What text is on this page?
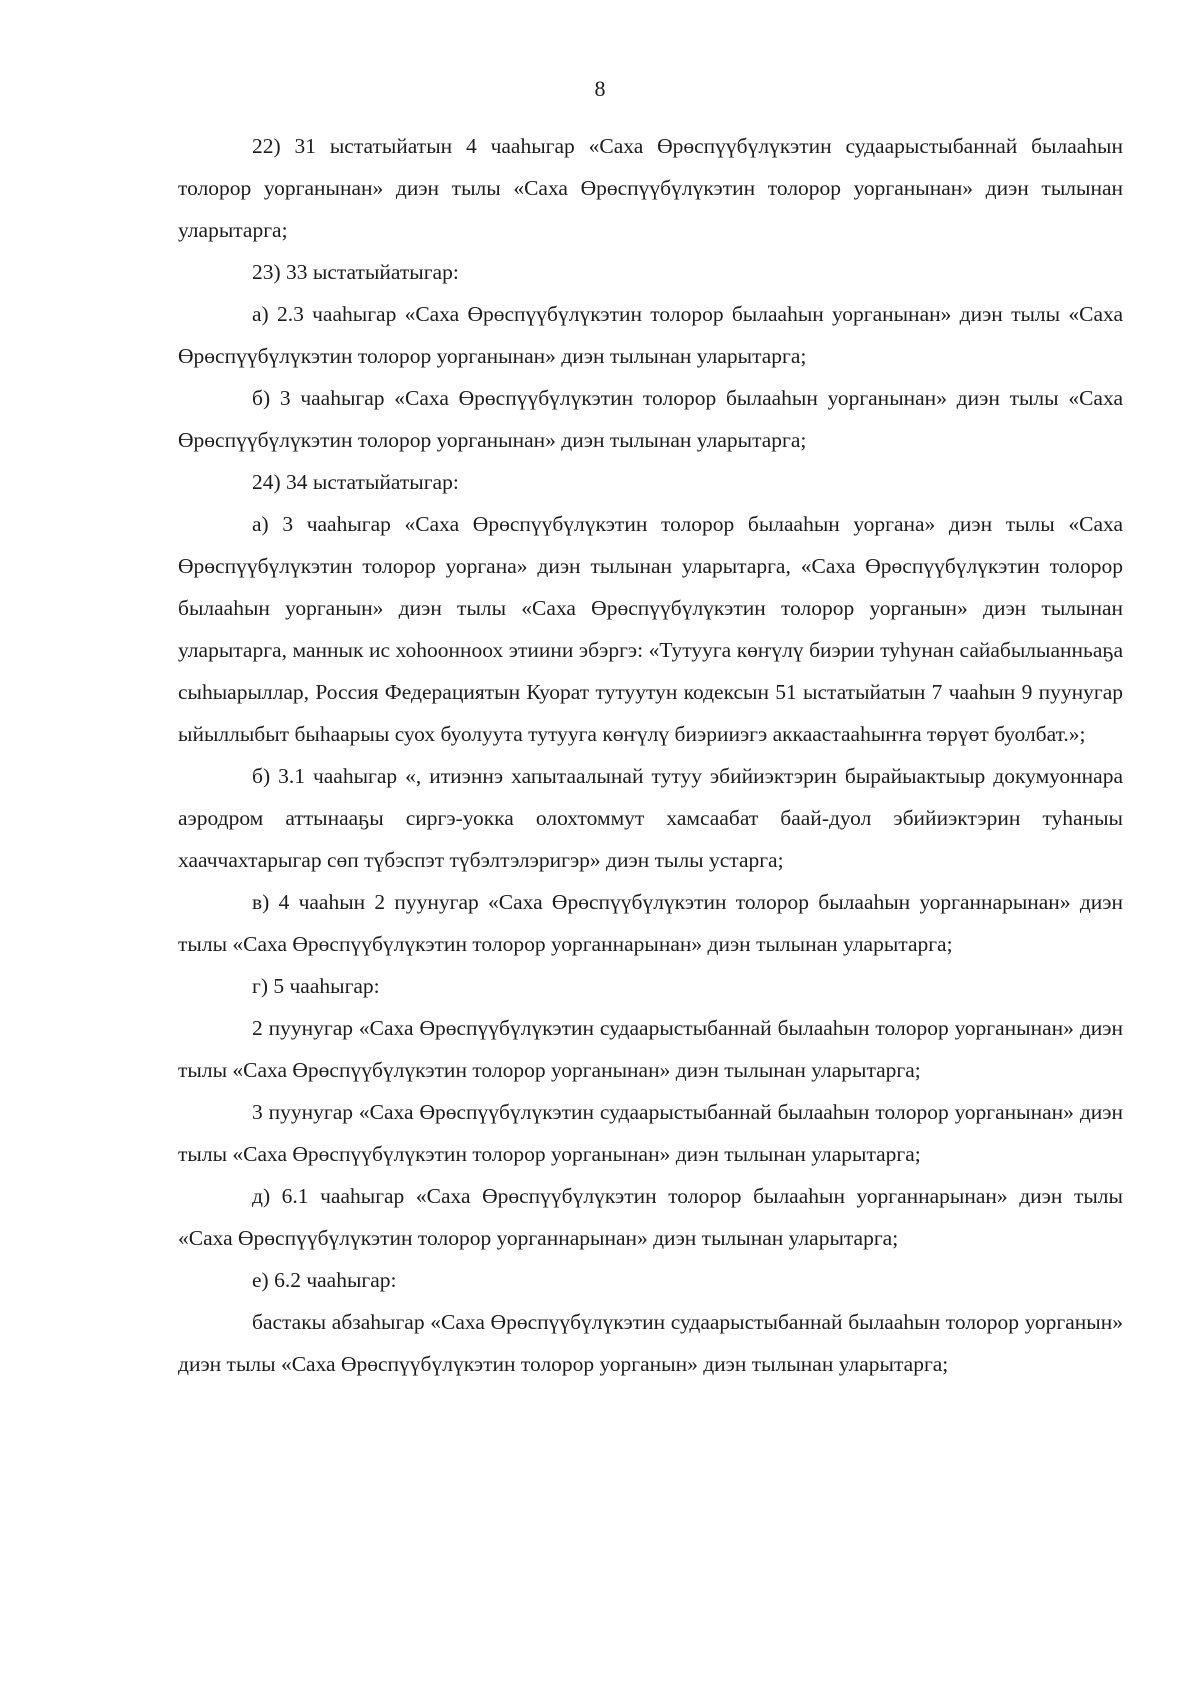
8

22) 31 ыстатыйатын 4 чааһыгар «Саха Өрөспүүбүлүкэтин судаарыстыбаннай былааһын толорор уорганынан» диэн тылы «Саха Өрөспүүбүлүкэтин толорор уорганынан» диэн тылынан уларытарга;

23) 33 ыстатыйатыгар:

а) 2.3 чааһыгар «Саха Өрөспүүбүлүкэтин толорор былааһын уорганынан» диэн тылы «Саха Өрөспүүбүлүкэтин толорор уорганынан» диэн тылынан уларытарга;

б) 3 чааһыгар «Саха Өрөспүүбүлүкэтин толорор былааһын уорганынан» диэн тылы «Саха Өрөспүүбүлүкэтин толорор уорганынан» диэн тылынан уларытарга;

24) 34 ыстатыйатыгар:

а) 3 чааһыгар «Саха Өрөспүүбүлүкэтин толорор былааһын уоргана» диэн тылы «Саха Өрөспүүбүлүкэтин толорор уоргана» диэн тылынан уларытарга, «Саха Өрөспүүбүлүкэтин толорор былааһын уорганын» диэн тылы «Саха Өрөспүүбүлүкэтин толорор уорганын» диэн тылынан уларытарга, маннык ис хоһоонноох этиини эбэргэ: «Тутууга көҥүлү биэрии туһунан сайабылыанньаҕа сыһыарыллар, Россия Федерациятын Куорат тутуутун кодексын 51 ыстатыйатын 7 чааһын 9 пуунугар ыйыллыбыт быһаарыы суох буолуута тутууга көҥүлү биэрииэгэ аккаастааһыҥҥа төрүөт буолбат.»;

б) 3.1 чааһыгар «, итиэннэ хапытаалынай тутуу эбийиэктэрин бырайыактыыр докумуоннара аэродром аттынааҕы сиргэ-уокка олохтоммут хамсаабат баай-дуол эбийиэктэрин туһаныы хааччахтарыгар сөп түбэспэт түбэлтэлэригэр» диэн тылы устарга;

в) 4 чааһын 2 пуунугар «Саха Өрөспүүбүлүкэтин толорор былааһын уорганнарынан» диэн тылы «Саха Өрөспүүбүлүкэтин толорор уорганнарынан» диэн тылынан уларытарга;

г) 5 чааһыгар:

2 пуунугар «Саха Өрөспүүбүлүкэтин судаарыстыбаннай былааһын толорор уорганынан» диэн тылы «Саха Өрөспүүбүлүкэтин толорор уорганынан» диэн тылынан уларытарга;

3 пуунугар «Саха Өрөспүүбүлүкэтин судаарыстыбаннай былааһын толорор уорганынан» диэн тылы «Саха Өрөспүүбүлүкэтин толорор уорганынан» диэн тылынан уларытарга;

д) 6.1 чааһыгар «Саха Өрөспүүбүлүкэтин толорор былааһын уорганнарынан» диэн тылы «Саха Өрөспүүбүлүкэтин толорор уорганнарынан» диэн тылынан уларытарга;

е) 6.2 чааһыгар:

бастакы абзаһыгар «Саха Өрөспүүбүлүкэтин судаарыстыбаннай былааһын толорор уорганын» диэн тылы «Саха Өрөспүүбүлүкэтин толорор уорганын» диэн тылынан уларытарга;
